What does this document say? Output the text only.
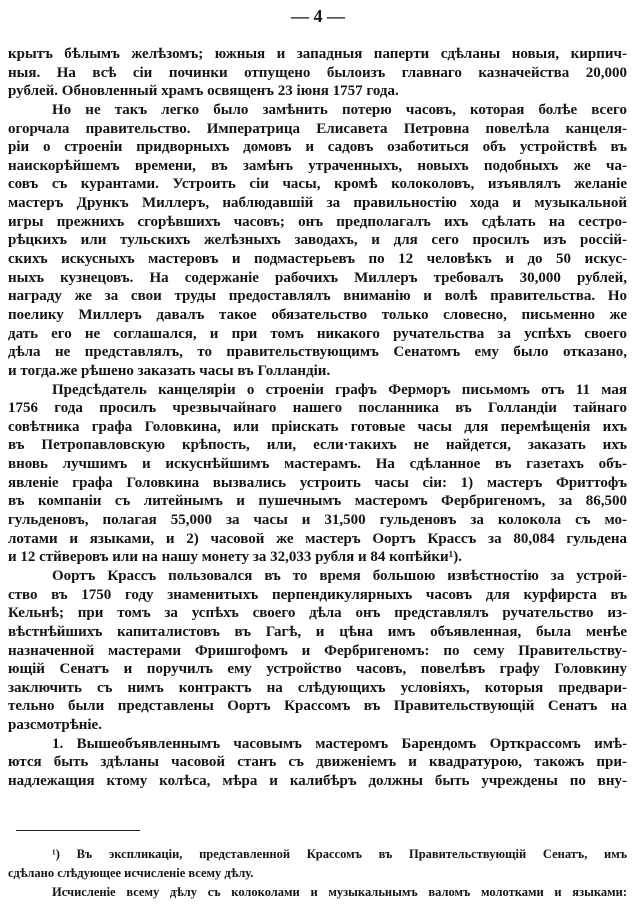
— 4 —
крытъ бѣлымъ желѣзомъ; южныя и западныя паперти сдѣланы новыя, кирпич-
ныя. На всѣ сiи починки отпущено былоизъ главнаго казначейства 20,000
рублей. Обновленный храмъ освященъ 23 iюня 1757 года.
Но не такъ легко было замѣнить потерю часовъ, которая болѣе всего
огорчала правительство. Императрица Елисавета Петровна повелѣла канцеля-
рiи о строенiи придворныхъ домовъ и садовъ озаботиться объ устройствѣ въ
наискорѣйшемъ времени, въ замѣнъ утраченныхъ, новыхъ подобныхъ же ча-
совъ съ курантами. Устроить сiи часы, кромѣ колоколовъ, изъявлялъ желанiе
мастеръ Дрункъ Миллеръ, наблюдавшiй за правильностiю хода и музыкальной
игры прежнихъ сгорѣвшихъ часовъ; онъ предполагалъ ихъ сдѣлать на сестро-
рѣцкихъ или тульскихъ желѣзныхъ заводахъ, и для сего просилъ изъ россiй-
скихъ искусныхъ мастеровъ и подмастерьевъ по 12 человѣкъ и до 50 искус-
ныхъ кузнецовъ. На содержанiе рабочихъ Миллеръ требовалъ 30,000 рублей,
награду же за свои труды предоставлялъ вниманiю и волѣ правительства. Но
поелику Миллеръ давалъ такое обязательство только словесно, письменно же
дать его не соглашался, и при томъ никакого ручательства за успѣхъ своего
дѣла не представлялъ, то правительствующимъ Сенатомъ ему было отказано,
и тогда.же рѣшено заказать часы въ Голландiи.
Предсѣдатель канцелярiи о строенiи графъ Ферморъ письмомъ отъ 11 мая
1756 года просилъ чрезвычайнаго нашего посланника въ Голландiи тайнаго
совѣтника графа Головкина, или прiискать готовые часы для перемѣщенiя ихъ
въ Петропавловскую крѣпость, или, если·такихъ не найдется, заказать ихъ
вновь лучшимъ и искуснѣйшимъ мастерамъ. На сдѣланное въ газетахъ объ-
явленiе графа Головкина вызвались устроить часы сiи: 1) мастеръ Фриттофъ
въ компанiи съ литейнымъ и пушечнымъ мастеромъ Фербригеномъ, за 86,500
гульденовъ, полагая 55,000 за часы и 31,500 гульденовъ за колокола съ мо-
лотами и языками, и 2) часовой же мастеръ Оортъ Крассъ за 80,084 гульдена
и 12 стйверовъ или на нашу монету за 32,033 рубля и 84 копѣйки¹).
Оортъ Крассъ пользовался въ то время большою извѣстностiю за устрой-
ство въ 1750 году знаменитыхъ перпендикулярныхъ часовъ для курфирста въ
Кельнѣ; при томъ за успѣхъ своего дѣла онъ представлялъ ручательство из-
вѣстнѣйшихъ капиталистовъ въ Гагѣ, и цѣна имъ объявленная, была менѣе
назначенной мастерами Фришгофомъ и Фербригеномъ: по сему Правительству-
ющiй Сенатъ и поручилъ ему устройство часовъ, повелѣвъ графу Головкину
заключить съ нимъ контрактъ на слѣдующихъ условiяхъ, которыя предвари-
тельно были представлены Оортъ Крассомъ въ Правительствующiй Сенатъ на
разсмотрѣнiе.
1. Вышеобъявленнымъ часовымъ мастеромъ Барендомъ Орткрассомъ имѣ-
ются быть здѣланы часовой станъ съ движенiемъ и квадратурою, такожъ при-
надлежащия ктому колѣса, мѣра и калибѣръ должны быть учреждены по вну-
¹) Въ экспликацiи, представленной Крассомъ въ Правительствующiй Сенатъ, имъ
сдѣлано слѣдующее исчисленiе всему дѣлу.
Исчисленiе всему дѣлу съ колоколами и музыкальнымъ валомъ молотками и языками:
